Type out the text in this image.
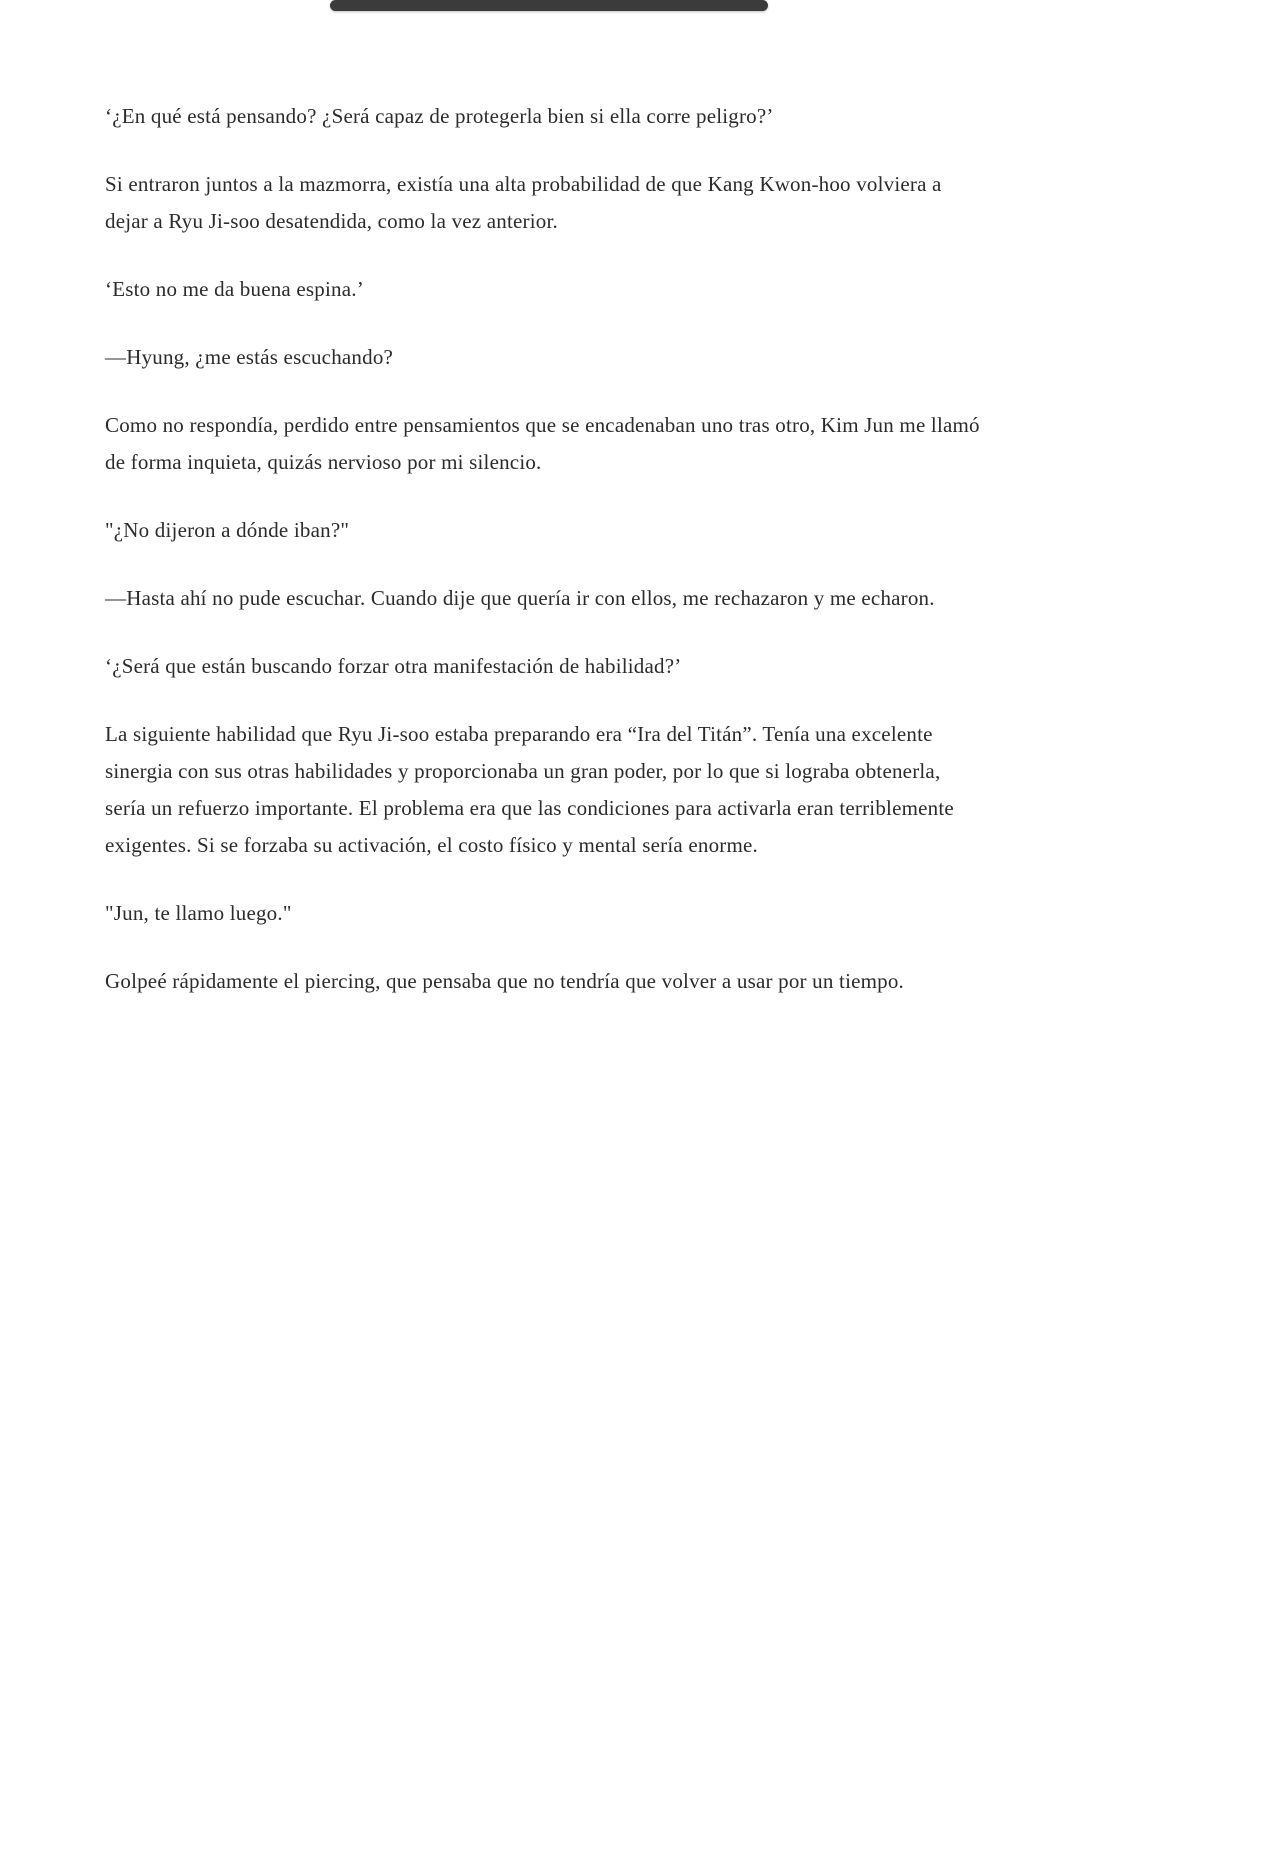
‘¿En qué está pensando? ¿Será capaz de protegerla bien si ella corre peligro?’

Si entraron juntos a la mazmorra, existía una alta probabilidad de que Kang Kwon-hoo volviera a dejar a Ryu Ji-soo desatendida, como la vez anterior.

‘Esto no me da buena espina.’

—Hyung, ¿me estás escuchando?

Como no respondía, perdido entre pensamientos que se encadenaban uno tras otro, Kim Jun me llamó de forma inquieta, quizás nervioso por mi silencio.

"¿No dijeron a dónde iban?"

—Hasta ahí no pude escuchar. Cuando dije que quería ir con ellos, me rechazaron y me echaron.

‘¿Será que están buscando forzar otra manifestación de habilidad?’

La siguiente habilidad que Ryu Ji-soo estaba preparando era “Ira del Titán”. Tenía una excelente sinergia con sus otras habilidades y proporcionaba un gran poder, por lo que si lograba obtenerla, sería un refuerzo importante. El problema era que las condiciones para activarla eran terriblemente exigentes. Si se forzaba su activación, el costo físico y mental sería enorme.

"Jun, te llamo luego."

Golpeé rápidamente el piercing, que pensaba que no tendría que volver a usar por un tiempo.
